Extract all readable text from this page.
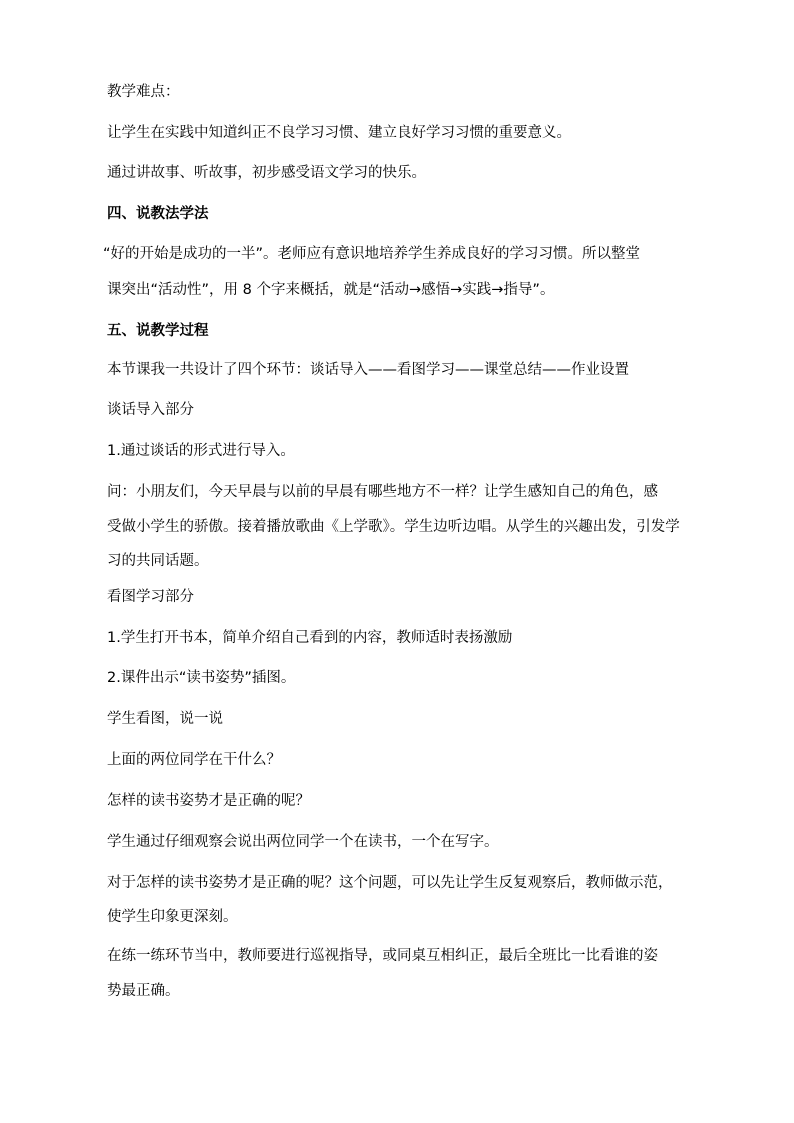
教学难点：
让学生在实践中知道纠正不良学习习惯、建立良好学习习惯的重要意义。
通过讲故事、听故事，初步感受语文学习的快乐。
四、说教法学法
“好的开始是成功的一半”。老师应有意识地培养学生养成良好的学习习惯。所以整堂
课突出“活动性”，用 8 个字来概括，就是“活动→感悟→实践→指导”。
五、说教学过程
本节课我一共设计了四个环节：谈话导入——看图学习——课堂总结——作业设置
谈话导入部分
1.通过谈话的形式进行导入。
问：小朋友们，今天早晨与以前的早晨有哪些地方不一样？让学生感知自己的角色，感
受做小学生的骄傲。接着播放歌曲《上学歌》。学生边听边唱。从学生的兴趣出发，引发学
习的共同话题。
看图学习部分
1.学生打开书本，简单介绍自己看到的内容，教师适时表扬激励
2.课件出示“读书姿势”插图。
学生看图，说一说
上面的两位同学在干什么？
怎样的读书姿势才是正确的呢？
学生通过仔细观察会说出两位同学一个在读书，一个在写字。
对于怎样的读书姿势才是正确的呢？这个问题，可以先让学生反复观察后，教师做示范，
使学生印象更深刻。
在练一练环节当中，教师要进行巡视指导，或同桌互相纠正，最后全班比一比看谁的姿
势最正确。
